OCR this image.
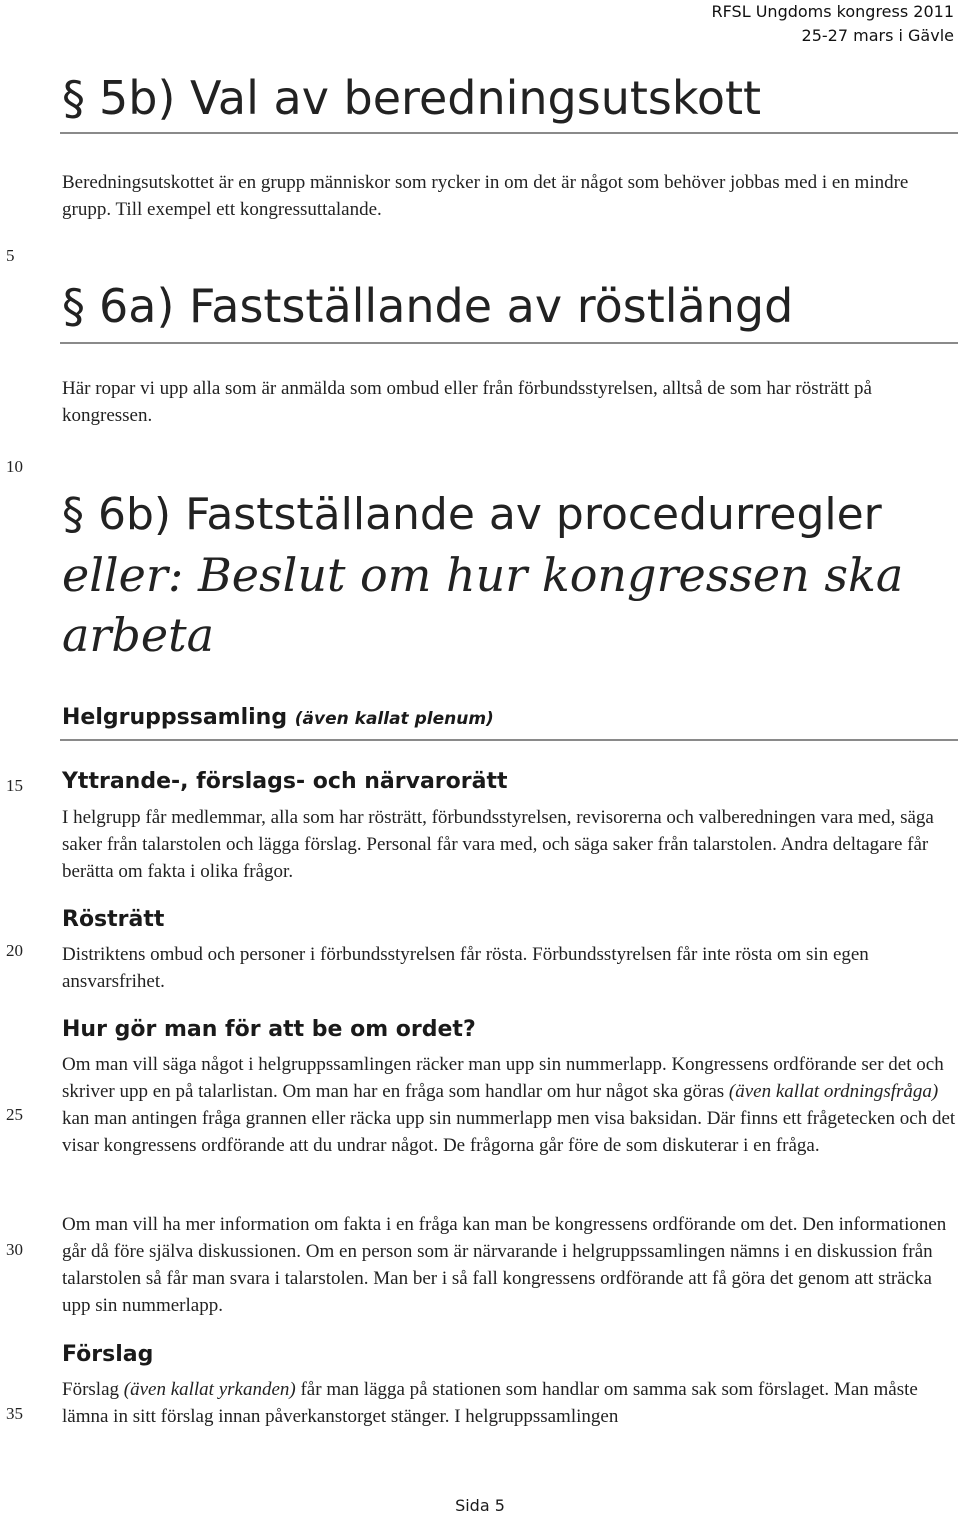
RFSL Ungdoms kongress 2011
25-27 mars i Gävle
§ 5b) Val av beredningsutskott

Beredningsutskottet är en grupp människor som rycker in om det är något som behöver jobbas med i en mindre grupp. Till exempel ett kongressuttalande.

§ 6a) Fastställande av röstlängd

Här ropar vi upp alla som är anmälda som ombud eller från förbundsstyrelsen, alltså de som har rösträtt på kongressen.

§ 6b) Fastställande av procedurregler
eller: Beslut om hur kongressen ska
arbeta
Helgruppssamling (även kallat plenum)
Yttrande-, förslags- och närvarorätt

I helgrupp får medlemmar, alla som har rösträtt, förbundsstyrelsen, revisorerna och valberedningen vara med, säga saker från talarstolen och lägga förslag. Personal får vara med, och säga saker från talarstolen. Andra deltagare får berätta om fakta i olika frågor.

Rösträtt

Distriktens ombud och personer i förbundsstyrelsen får rösta. Förbundsstyrelsen får inte rösta om sin egen ansvarsfrihet.

Hur gör man för att be om ordet?

Om man vill säga något i helgruppssamlingen räcker man upp sin nummerlapp. Kongressens ordförande ser det och skriver upp en på talarlistan. Om man har en fråga som handlar om hur något ska göras (även kallat ordningsfråga) kan man antingen fråga grannen eller räcka upp sin nummerlapp men visa baksidan. Där finns ett frågetecken och det visar kongressens ordförande att du undrar något. De frågorna går före de som diskuterar i en fråga.

Om man vill ha mer information om fakta i en fråga kan man be kongressens ordförande om det. Den informationen går då före själva diskussionen. Om en person som är närvarande i helgruppssamlingen nämns i en diskussion från talarstolen så får man svara i talarstolen. Man ber i så fall kongressens ordförande att få göra det genom att sträcka upp sin nummerlapp.

Förslag

Förslag (även kallat yrkanden) får man lägga på stationen som handlar om samma sak som förslaget. Man måste lämna in sitt förslag innan påverkanstorget stänger. I helgruppssamlingen

5
10
15
20
25
30
35
Sida 5
